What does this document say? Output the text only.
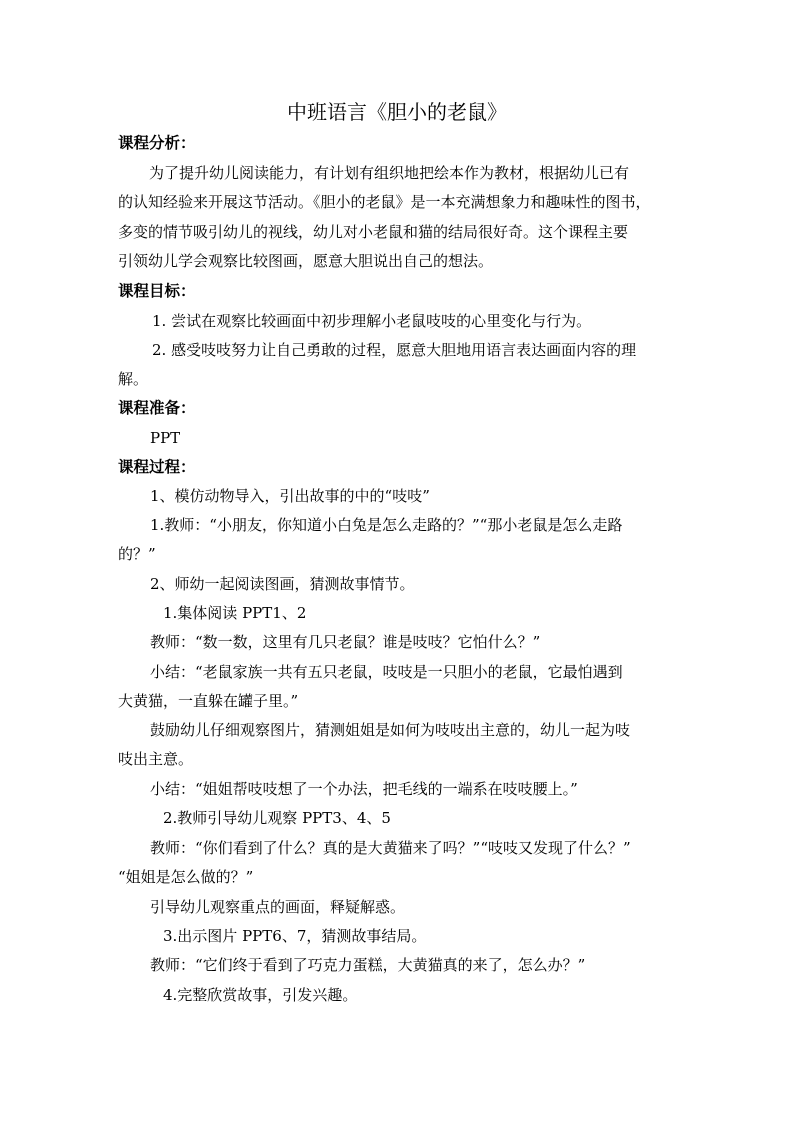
中班语言《胆小的老鼠》
课程分析：
为了提升幼儿阅读能力，有计划有组织地把绘本作为教材，根据幼儿已有
的认知经验来开展这节活动。《胆小的老鼠》是一本充满想象力和趣味性的图书，
多变的情节吸引幼儿的视线，幼儿对小老鼠和猫的结局很好奇。这个课程主要
引领幼儿学会观察比较图画，愿意大胆说出自己的想法。
课程目标：
1. 尝试在观察比较画面中初步理解小老鼠吱吱的心里变化与行为。
2. 感受吱吱努力让自己勇敢的过程，愿意大胆地用语言表达画面内容的理
解。
课程准备：
PPT
课程过程：
1、模仿动物导入，引出故事的中的“吱吱”
1.教师：“小朋友，你知道小白兔是怎么走路的？”“那小老鼠是怎么走路
的？”
2、师幼一起阅读图画，猜测故事情节。
1.集体阅读 PPT1、2
教师：“数一数，这里有几只老鼠？谁是吱吱？它怕什么？”
小结：“老鼠家族一共有五只老鼠，吱吱是一只胆小的老鼠，它最怕遇到
大黄猫，一直躲在罐子里。”
鼓励幼儿仔细观察图片，猜测姐姐是如何为吱吱出主意的，幼儿一起为吱
吱出主意。
小结：“姐姐帮吱吱想了一个办法，把毛线的一端系在吱吱腰上。”
2.教师引导幼儿观察 PPT3、4、5
教师：“你们看到了什么？真的是大黄猫来了吗？”“吱吱又发现了什么？”
“姐姐是怎么做的？”
引导幼儿观察重点的画面，释疑解惑。
3.出示图片 PPT6、7，猜测故事结局。
教师：“它们终于看到了巧克力蛋糕，大黄猫真的来了，怎么办？”
4.完整欣赏故事，引发兴趣。
